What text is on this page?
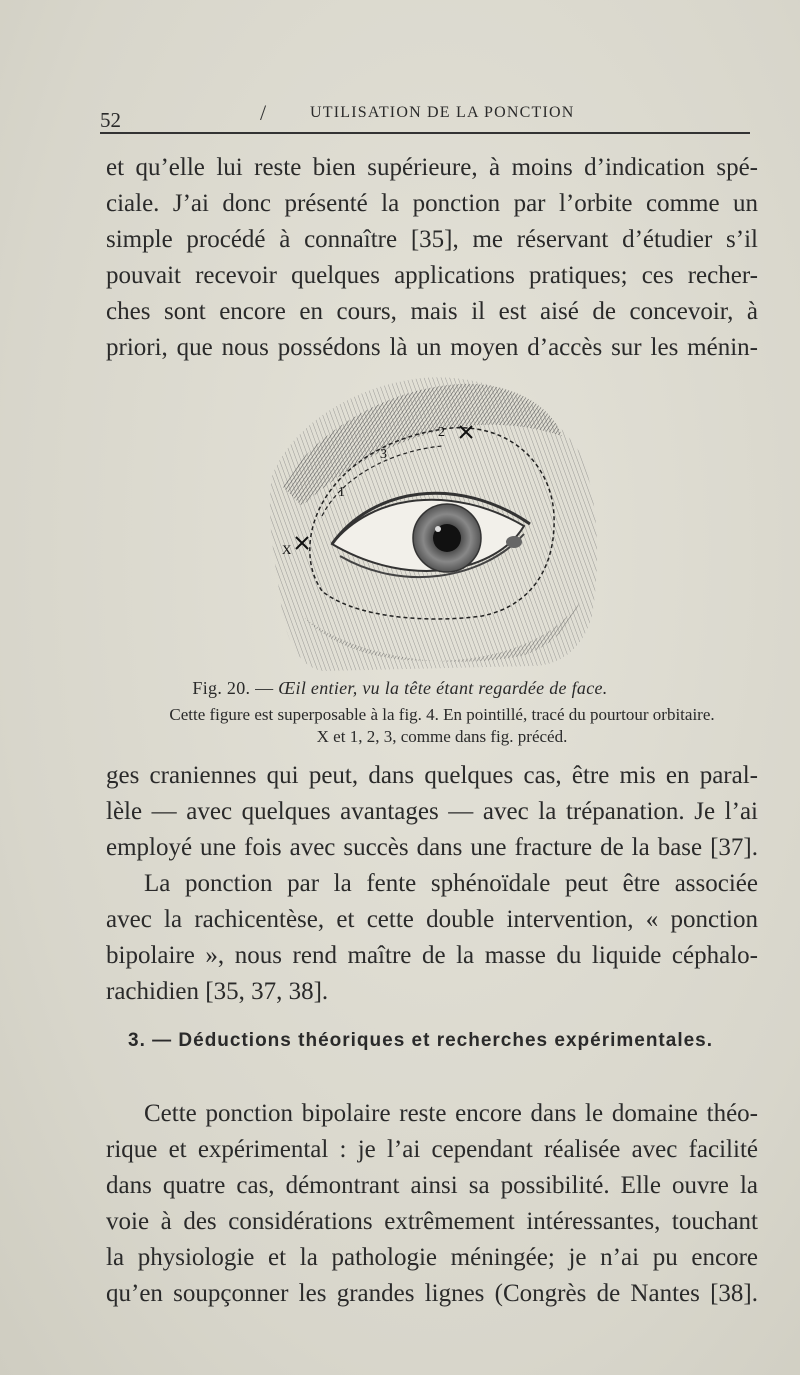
52	/	UTILISATION DE LA PONCTION
et qu’elle lui reste bien supérieure, à moins d’indication spé-
ciale. J’ai donc présenté la ponction par l’orbite comme un
simple procédé à connaître [35], me réservant d’étudier s’il
pouvait recevoir quelques applications pratiques; ces recher-
ches sont encore en cours, mais il est aisé de concevoir, à
priori, que nous possédons là un moyen d’accès sur les ménin-
1
2
3
X
Fig. 20. — Œil entier, vu la tête étant regardée de face.
Cette figure est superposable à la fig. 4. En pointillé, tracé du pourtour orbitaire.
X et 1, 2, 3, comme dans fig. précéd.
ges craniennes qui peut, dans quelques cas, être mis en paral-
lèle — avec quelques avantages — avec la trépanation. Je l’ai
employé une fois avec succès dans une fracture de la base [37].
La ponction par la fente sphénoïdale peut être associée
avec la rachicentèse, et cette double intervention, « ponction
bipolaire », nous rend maître de la masse du liquide céphalo-
rachidien [35, 37, 38].
3. — Déductions théoriques et recherches expérimentales.
Cette ponction bipolaire reste encore dans le domaine théo-
rique et expérimental : je l’ai cependant réalisée avec facilité
dans quatre cas, démontrant ainsi sa possibilité. Elle ouvre la
voie à des considérations extrêmement intéressantes, touchant
la physiologie et la pathologie méningée; je n’ai pu encore
qu’en soupçonner les grandes lignes (Congrès de Nantes [38].
